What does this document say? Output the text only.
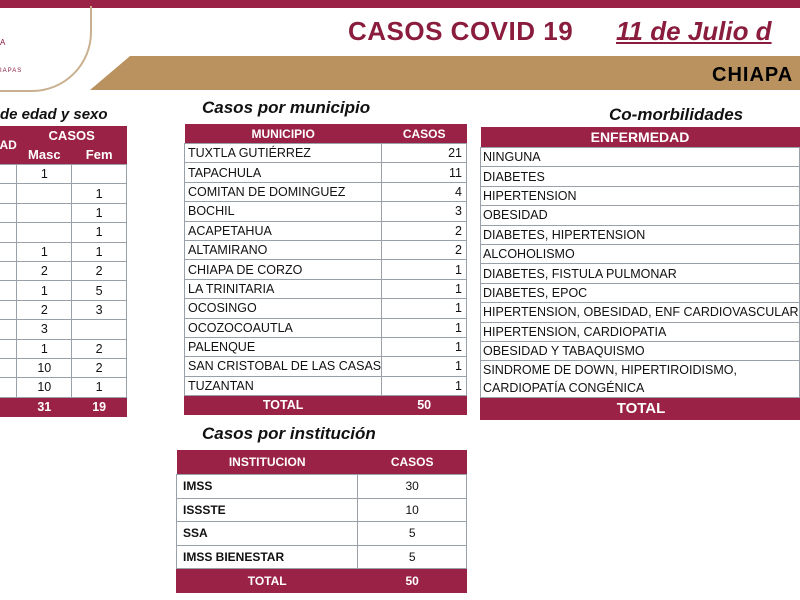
A
IAPAS
CASOS COVID 19 11 de Julio d
CHIAPA
de edad y sexo
AD	CASOS	
	Masc	Fem
	1	
		1
		1
		1
	1	1
	2	2
	1	5
	2	3
	3	
	1	2
	10	2
	10	1
	31	19
Casos por municipio
MUNICIPIO	CASOS
TUXTLA GUTIÉRREZ	21
TAPACHULA	11
COMITAN DE DOMINGUEZ	4
BOCHIL	3
ACAPETAHUA	2
ALTAMIRANO	2
CHIAPA DE CORZO	1
LA TRINITARIA	1
OCOSINGO	1
OCOZOCOAUTLA	1
PALENQUE	1
SAN CRISTOBAL DE LAS CASAS	1
TUZANTAN	1
TOTAL	50
Casos por institución
INSTITUCION	CASOS
IMSS	30
ISSSTE	10
SSA	5
IMSS BIENESTAR	5
TOTAL	50
Co-morbilidades
ENFERMEDAD
NINGUNA
DIABETES
HIPERTENSION
OBESIDAD
DIABETES, HIPERTENSION
ALCOHOLISMO
DIABETES, FISTULA PULMONAR
DIABETES, EPOC
HIPERTENSION, OBESIDAD, ENF CARDIOVASCULAR
HIPERTENSION, CARDIOPATIA
OBESIDAD Y TABAQUISMO
SINDROME DE DOWN, HIPERTIROIDISMO, CARDIOPATÍA CONGÉNICA
TOTAL
